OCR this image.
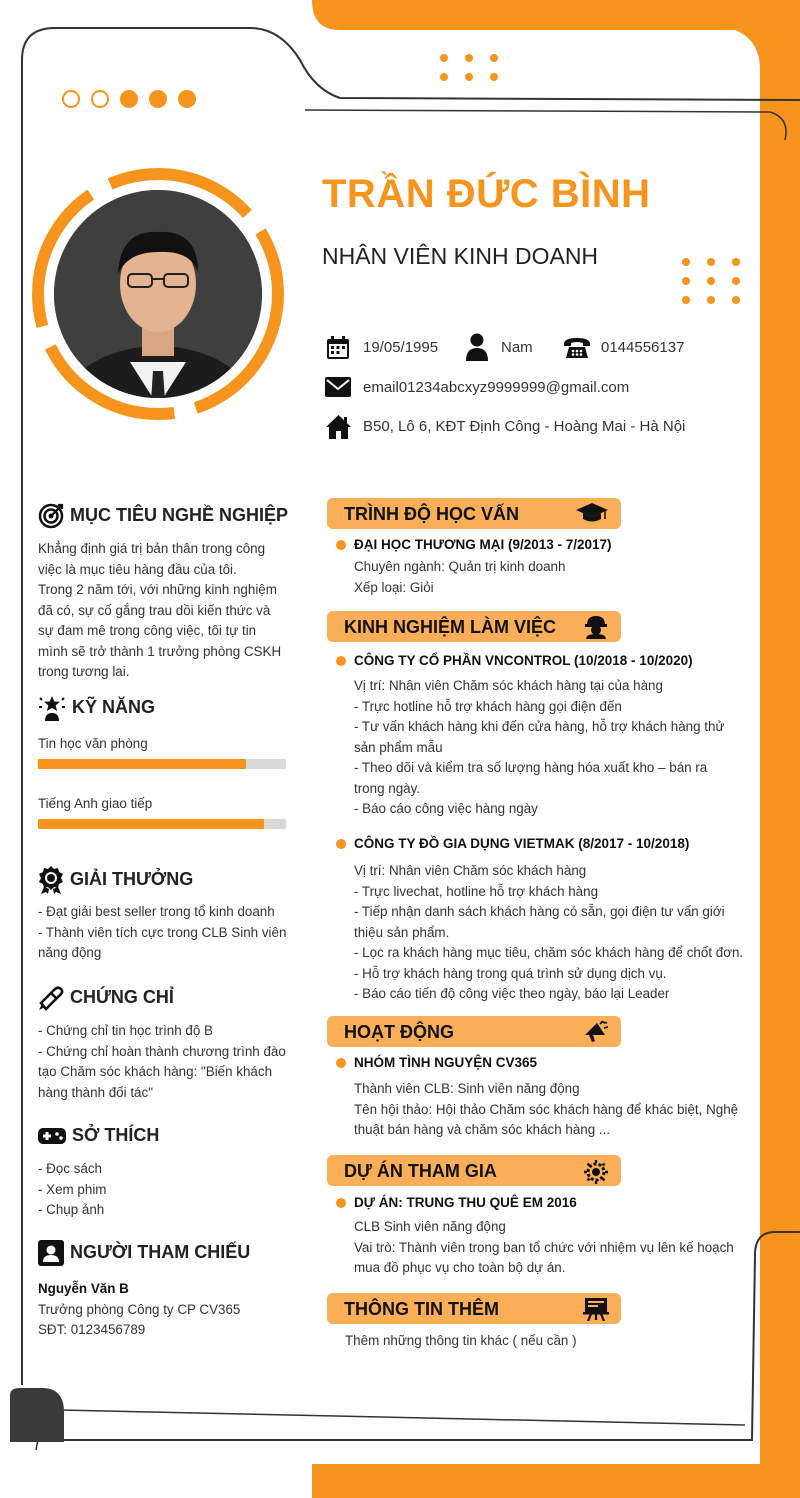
TRẦN ĐỨC BÌNH
NHÂN VIÊN KINH DOANH
19/05/1995	Nam	0144556137
email01234abcxyz9999999@gmail.com
B50, Lô 6, KĐT Định Công - Hoàng Mai - Hà Nội
MỤC TIÊU NGHỀ NGHIỆP
Khẳng định giá trị bản thân trong công
việc là mục tiêu hàng đầu của tôi.
Trong 2 năm tới, với những kinh nghiệm
đã có, sự cố gắng trau dồi kiến thức và
sự đam mê trong công việc, tôi tự tin
mình sẽ trở thành 1 trưởng phòng CSKH
trong tương lai.
KỸ NĂNG
Tin học văn phòng
Tiếng Anh giao tiếp
GIẢI THƯỞNG
- Đạt giải best seller trong tổ kinh doanh
- Thành viên tích cực trong CLB Sinh viên
năng động
CHỨNG CHỈ
- Chứng chỉ tin học trình độ B
- Chứng chỉ hoàn thành chương trình đào
tạo Chăm sóc khách hàng: "Biến khách
hàng thành đối tác"
SỞ THÍCH
- Đọc sách
- Xem phim
- Chụp ảnh
NGƯỜI THAM CHIẾU
Nguyễn Văn B
Trưởng phòng Công ty CP CV365
SĐT: 0123456789
TRÌNH ĐỘ HỌC VẤN
ĐẠI HỌC THƯƠNG MẠI (9/2013 - 7/2017)
Chuyên ngành: Quản trị kinh doanh
Xếp loại: Giỏi
KINH NGHIỆM LÀM VIỆC
CÔNG TY CỔ PHẦN VNCONTROL (10/2018 - 10/2020)
Vị trí: Nhân viên Chăm sóc khách hàng tại của hàng
- Trực hotline hỗ trợ khách hàng gọi điện đến
- Tư vấn khách hàng khi đến cửa hàng, hỗ trợ khách hàng thử
sản phẩm mẫu
- Theo dõi và kiểm tra số lượng hàng hóa xuất kho – bán ra
trong ngày.
- Báo cáo công việc hàng ngày
CÔNG TY ĐỒ GIA DỤNG VIETMAK (8/2017 - 10/2018)
Vị trí: Nhân viên Chăm sóc khách hàng
- Trực livechat, hotline hỗ trợ khách hàng
- Tiếp nhận danh sách khách hàng có sẵn, gọi điện tư vấn giới
thiệu sản phẩm.
- Lọc ra khách hàng mục tiêu, chăm sóc khách hàng để chốt đơn.
- Hỗ trợ khách hàng trong quá trình sử dụng dịch vụ.
- Báo cáo tiến độ công việc theo ngày, báo lại Leader
HOẠT ĐỘNG
NHÓM TÌNH NGUYỆN CV365
Thành viên CLB: Sinh viên năng động
Tên hội thảo: Hội thảo Chăm sóc khách hàng để khác biệt, Nghệ
thuật bán hàng và chăm sóc khách hàng ...
DỰ ÁN THAM GIA
DỰ ÁN: TRUNG THU QUÊ EM 2016
CLB Sinh viên năng động
Vai trò: Thành viên trong ban tổ chức với nhiệm vụ lên kế hoạch
mua đồ phục vụ cho toàn bộ dự án.
THÔNG TIN THÊM
Thêm những thông tin khác ( nếu cần )
